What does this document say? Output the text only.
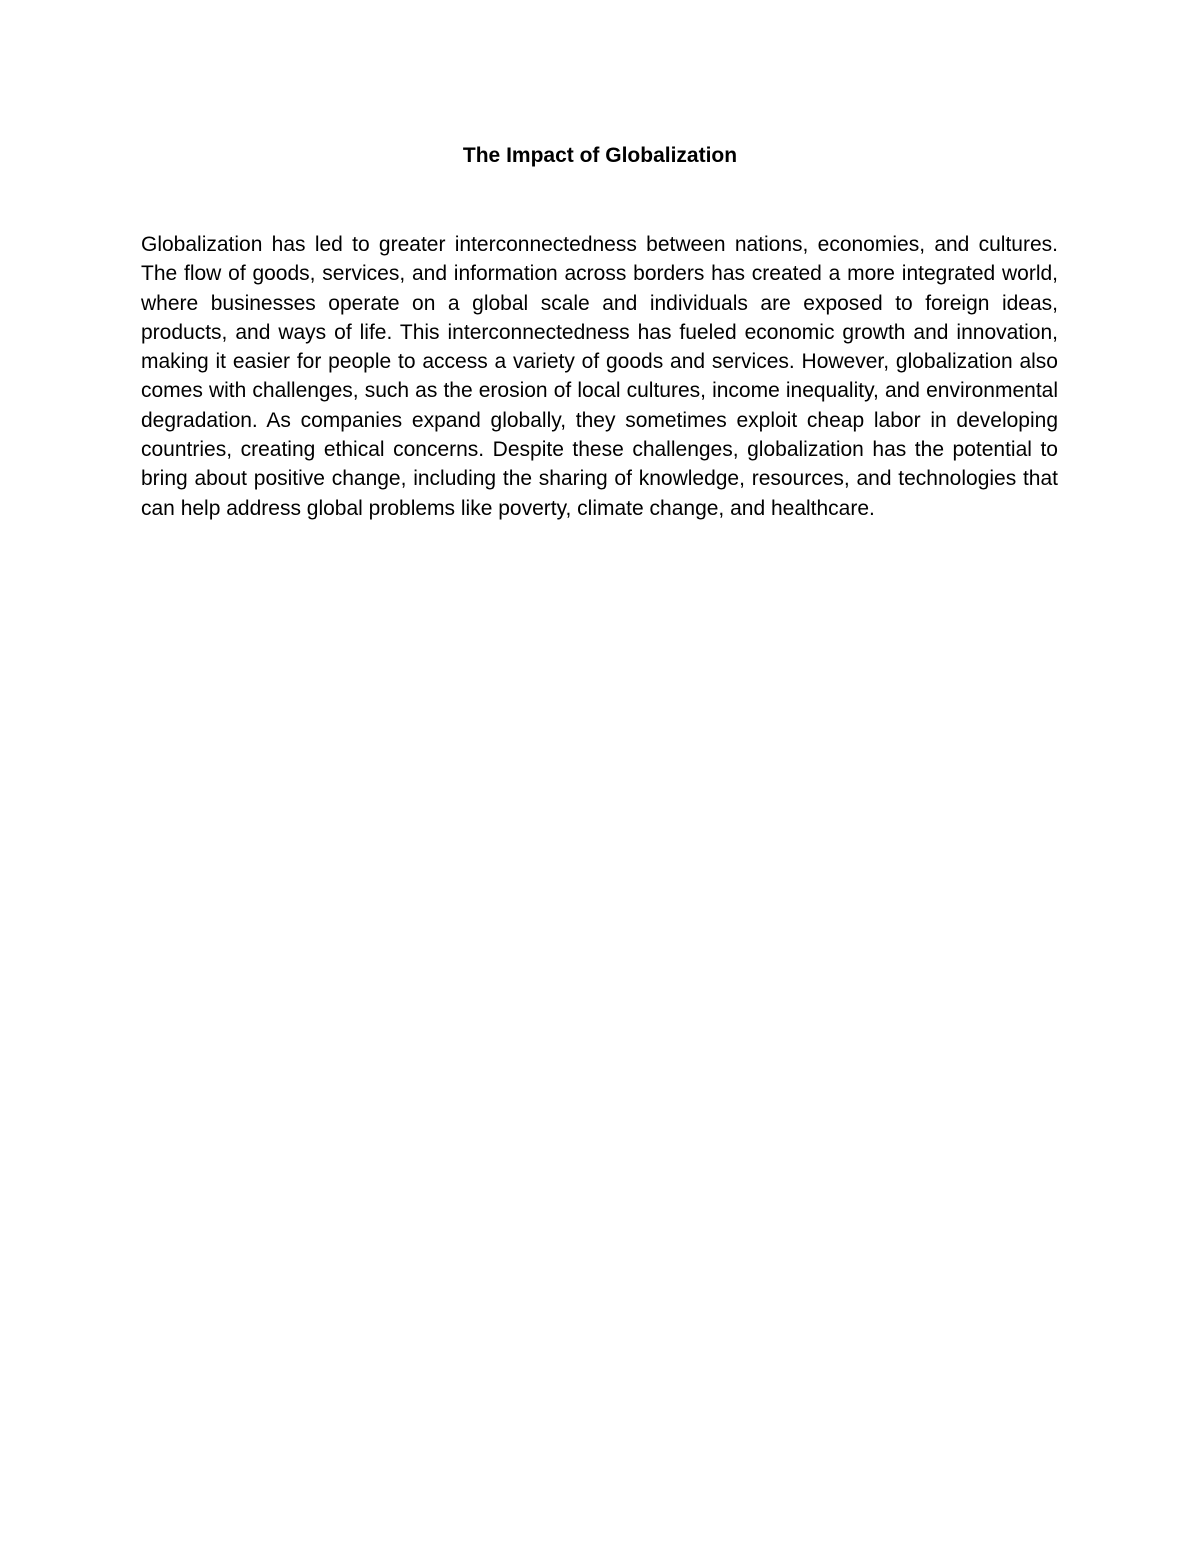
The Impact of Globalization

Globalization has led to greater interconnectedness between nations, economies, and cultures. The flow of goods, services, and information across borders has created a more integrated world, where businesses operate on a global scale and individuals are exposed to foreign ideas, products, and ways of life. This interconnectedness has fueled economic growth and innovation, making it easier for people to access a variety of goods and services. However, globalization also comes with challenges, such as the erosion of local cultures, income inequality, and environmental degradation. As companies expand globally, they sometimes exploit cheap labor in developing countries, creating ethical concerns. Despite these challenges, globalization has the potential to bring about positive change, including the sharing of knowledge, resources, and technologies that can help address global problems like poverty, climate change, and healthcare.
